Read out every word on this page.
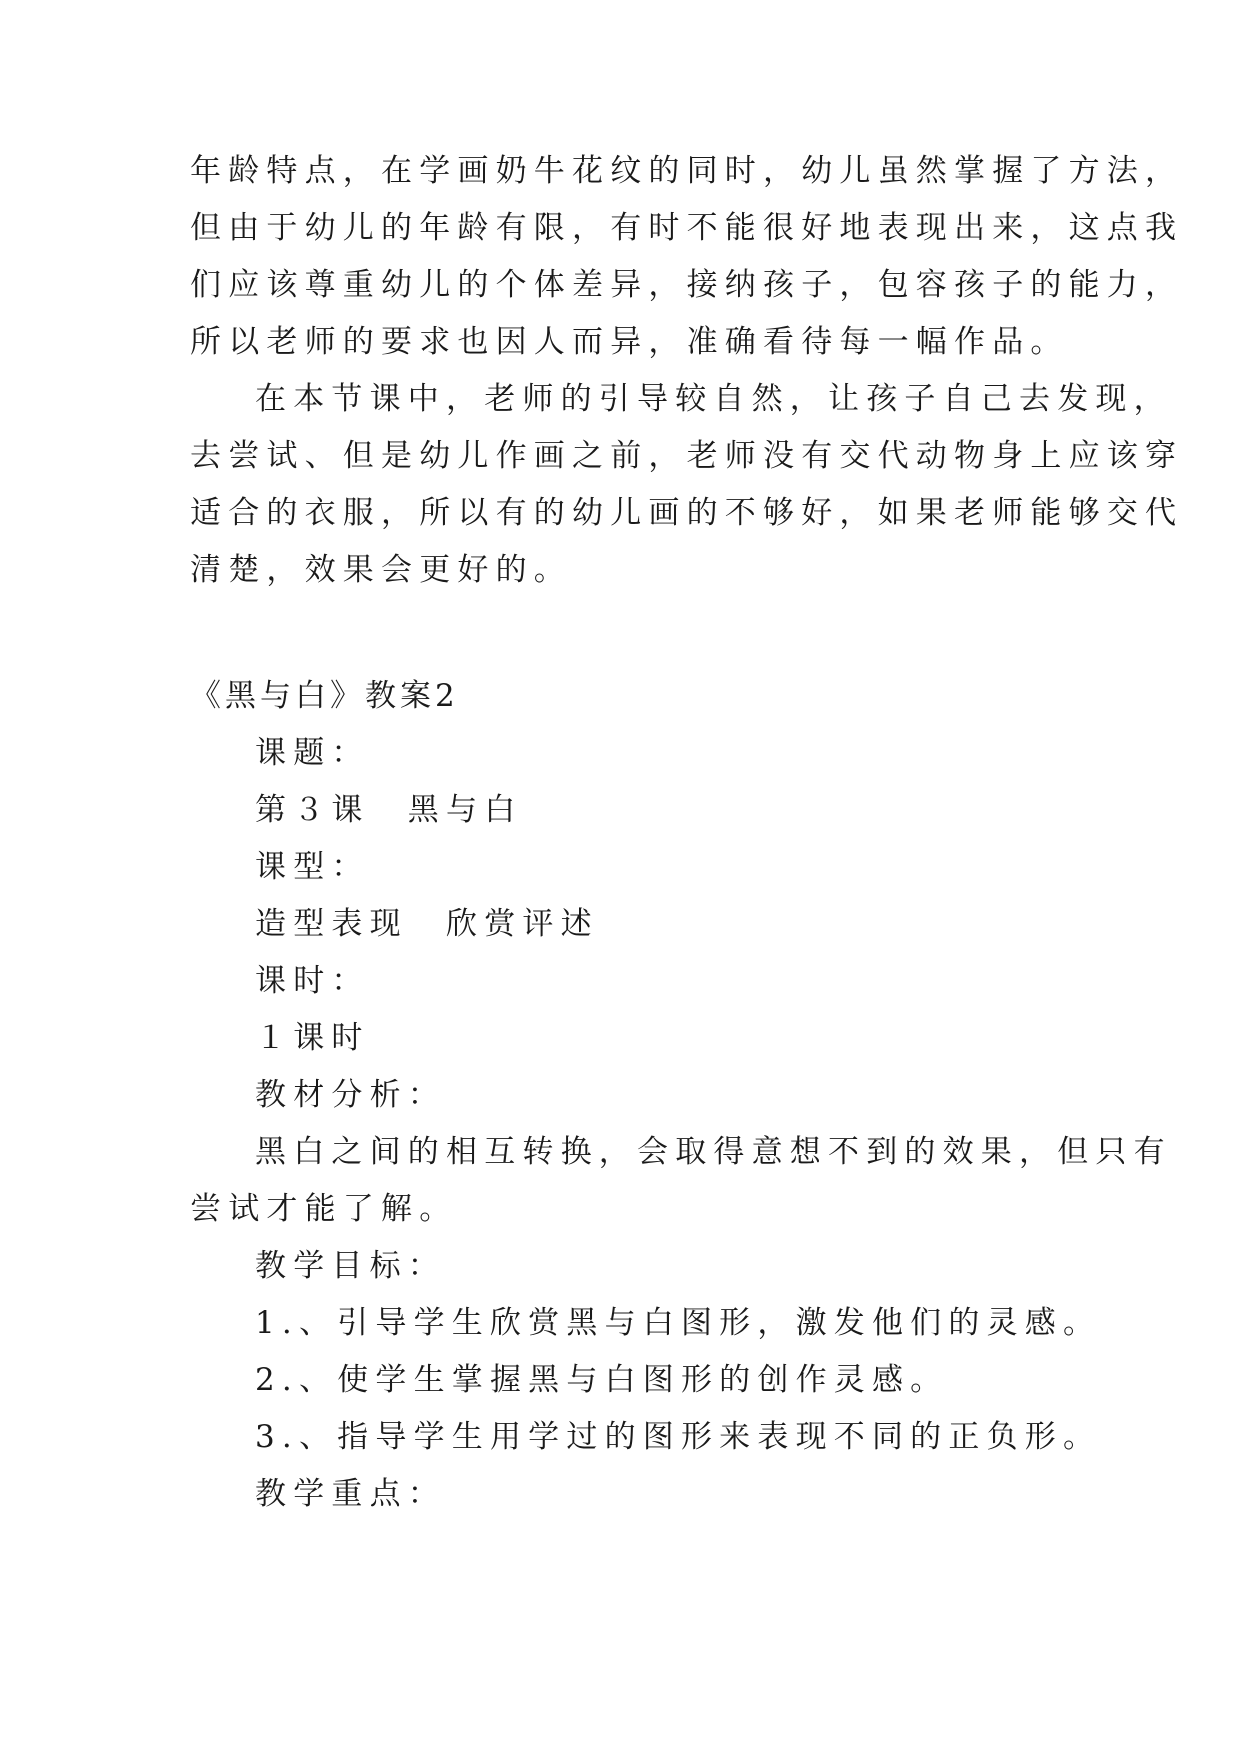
年龄特点，在学画奶牛花纹的同时，幼儿虽然掌握了方法，
但由于幼儿的年龄有限，有时不能很好地表现出来，这点我
们应该尊重幼儿的个体差异，接纳孩子，包容孩子的能力，
所以老师的要求也因人而异，准确看待每一幅作品。
在本节课中，老师的引导较自然，让孩子自己去发现，
去尝试、但是幼儿作画之前，老师没有交代动物身上应该穿
适合的衣服，所以有的幼儿画的不够好，如果老师能够交代
清楚，效果会更好的。
《黑与白》教案2
课题：
第３课　黑与白
课型：
造型表现　欣赏评述
课时：
１课时
教材分析：
黑白之间的相互转换，会取得意想不到的效果，但只有
尝试才能了解。
教学目标：
1.、引导学生欣赏黑与白图形，激发他们的灵感。
2.、使学生掌握黑与白图形的创作灵感。
3.、指导学生用学过的图形来表现不同的正负形。
教学重点：
